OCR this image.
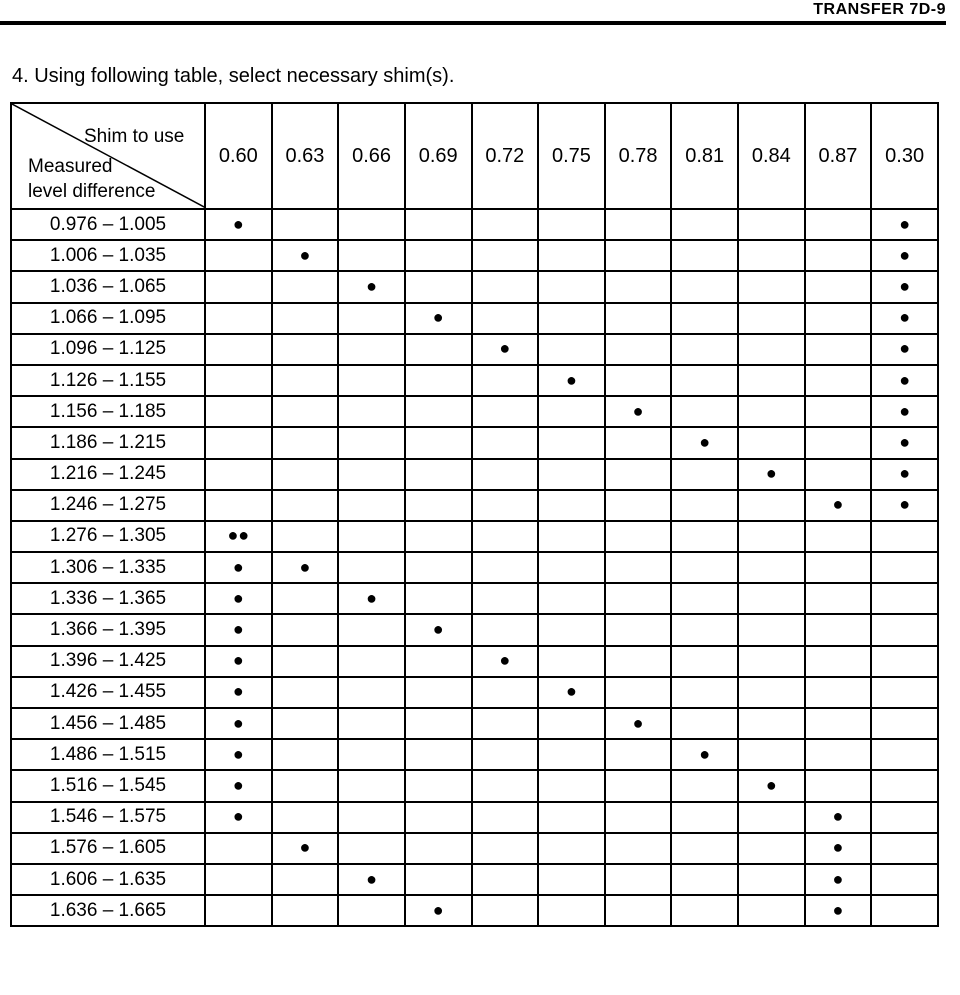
TRANSFER 7D-9
4. Using following table, select necessary shim(s).
Shim to use
Measured
level difference	0.60	0.63	0.66	0.69	0.72	0.75	0.78	0.81	0.84	0.87	0.30
0.976 – 1.005	●										●
1.006 – 1.035		●									●
1.036 – 1.065			●								●
1.066 – 1.095				●							●
1.096 – 1.125					●						●
1.126 – 1.155						●					●
1.156 – 1.185							●				●
1.186 – 1.215								●			●
1.216 – 1.245									●		●
1.246 – 1.275										●	●
1.276 – 1.305	●●										
1.306 – 1.335	●	●									
1.336 – 1.365	●		●								
1.366 – 1.395	●			●							
1.396 – 1.425	●				●						
1.426 – 1.455	●					●					
1.456 – 1.485	●						●				
1.486 – 1.515	●							●			
1.516 – 1.545	●								●		
1.546 – 1.575	●									●	
1.576 – 1.605		●								●	
1.606 – 1.635			●							●	
1.636 – 1.665				●						●	
